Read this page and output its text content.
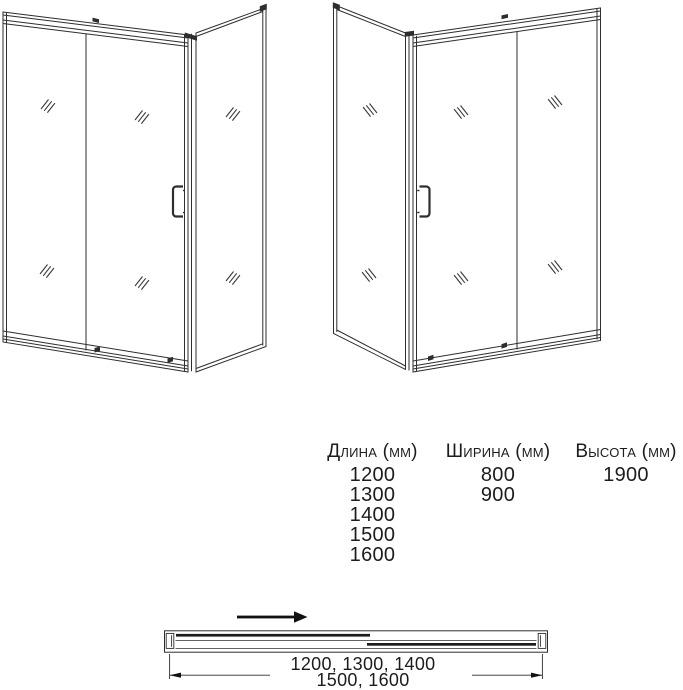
Длина (мм)
1200
1300
1400
1500
1600
Ширина (мм)
800
900
Высота (мм)
1900
1200, 1300, 1400
1500, 1600
